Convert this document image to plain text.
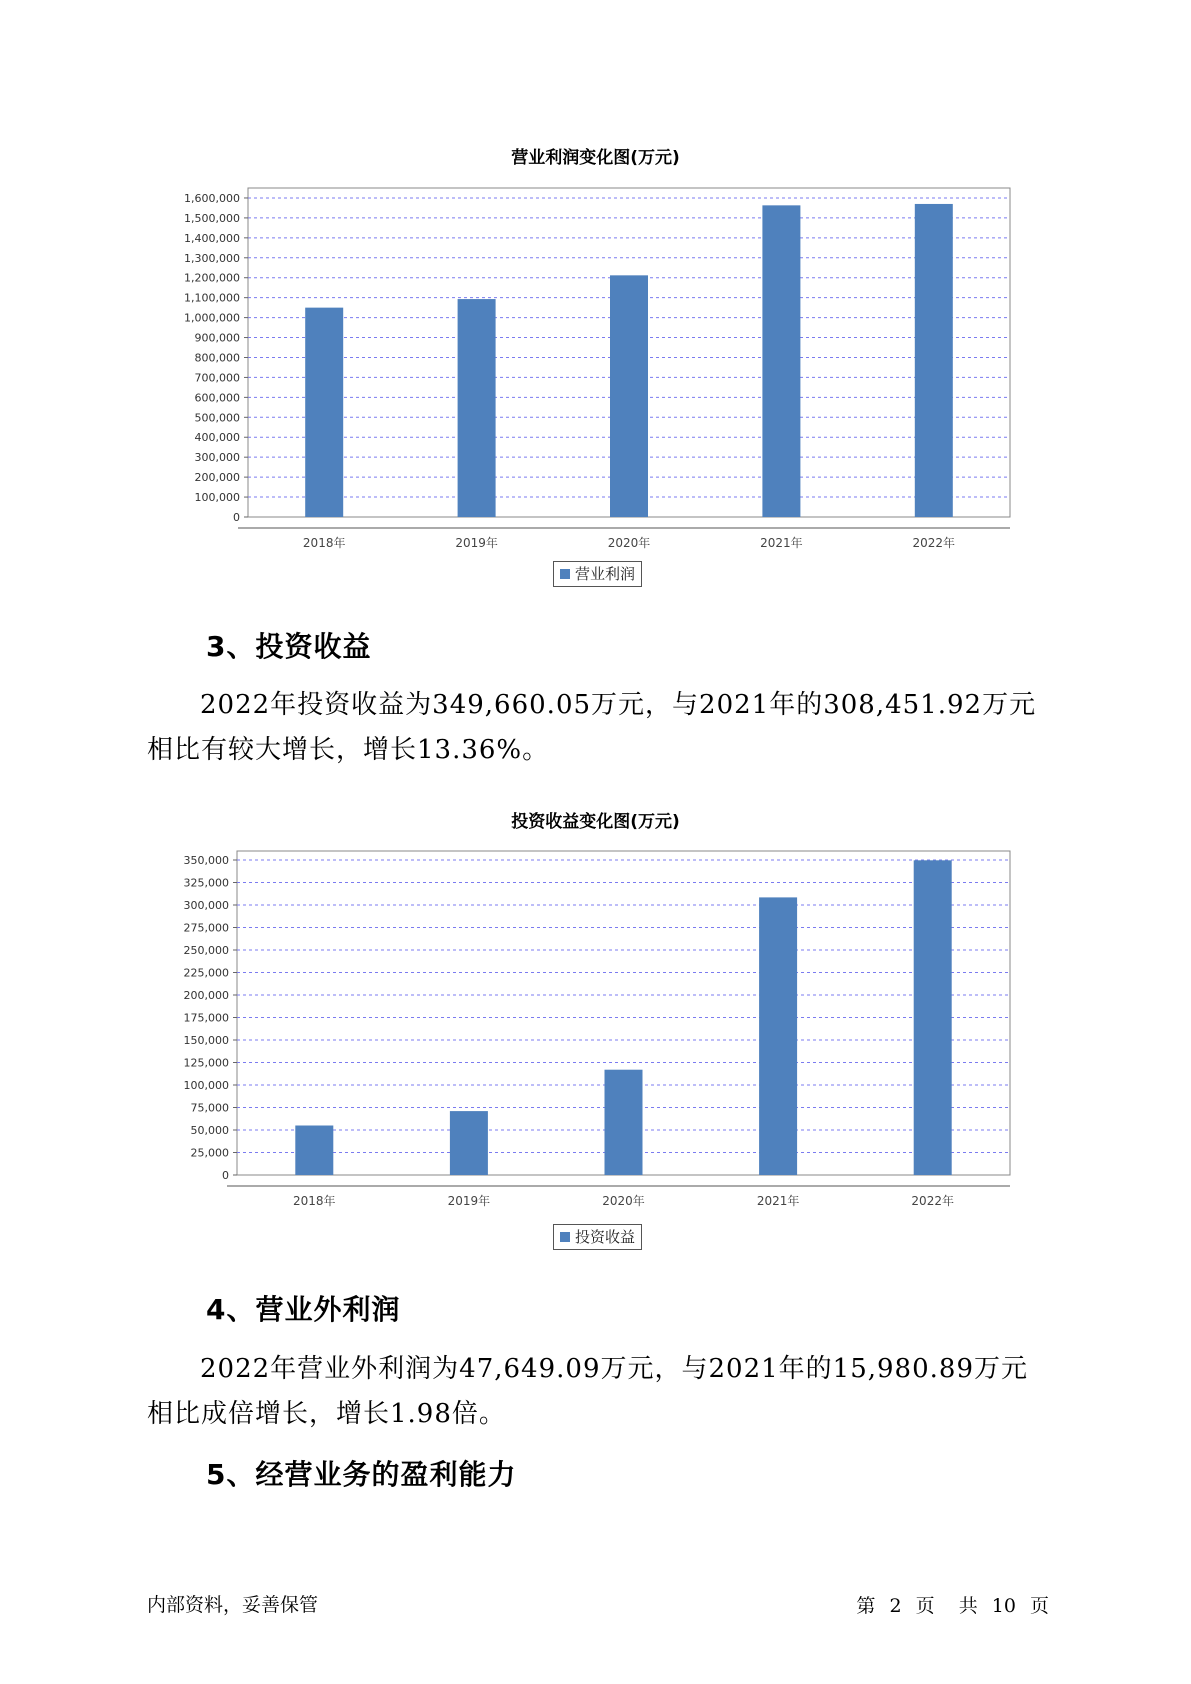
营业利润变化图(万元)
0
100,000
200,000
300,000
400,000
500,000
600,000
700,000
800,000
900,000
1,000,000
1,100,000
1,200,000
1,300,000
1,400,000
1,500,000
1,600,000
2018年	2019年	2020年	2021年	2022年
营业利润
3、投资收益

2022年投资收益为349,660.05万元，与2021年的308,451.92万元相比有较大增长，增长13.36%。

投资收益变化图(万元)
0
25,000
50,000
75,000
100,000
125,000
150,000
175,000
200,000
225,000
250,000
275,000
300,000
325,000
350,000
2018年	2019年	2020年	2021年	2022年
投资收益
4、营业外利润

2022年营业外利润为47,649.09万元，与2021年的15,980.89万元相比成倍增长，增长1.98倍。

5、经营业务的盈利能力
内部资料，妥善保管	第 2 页 共 10 页
